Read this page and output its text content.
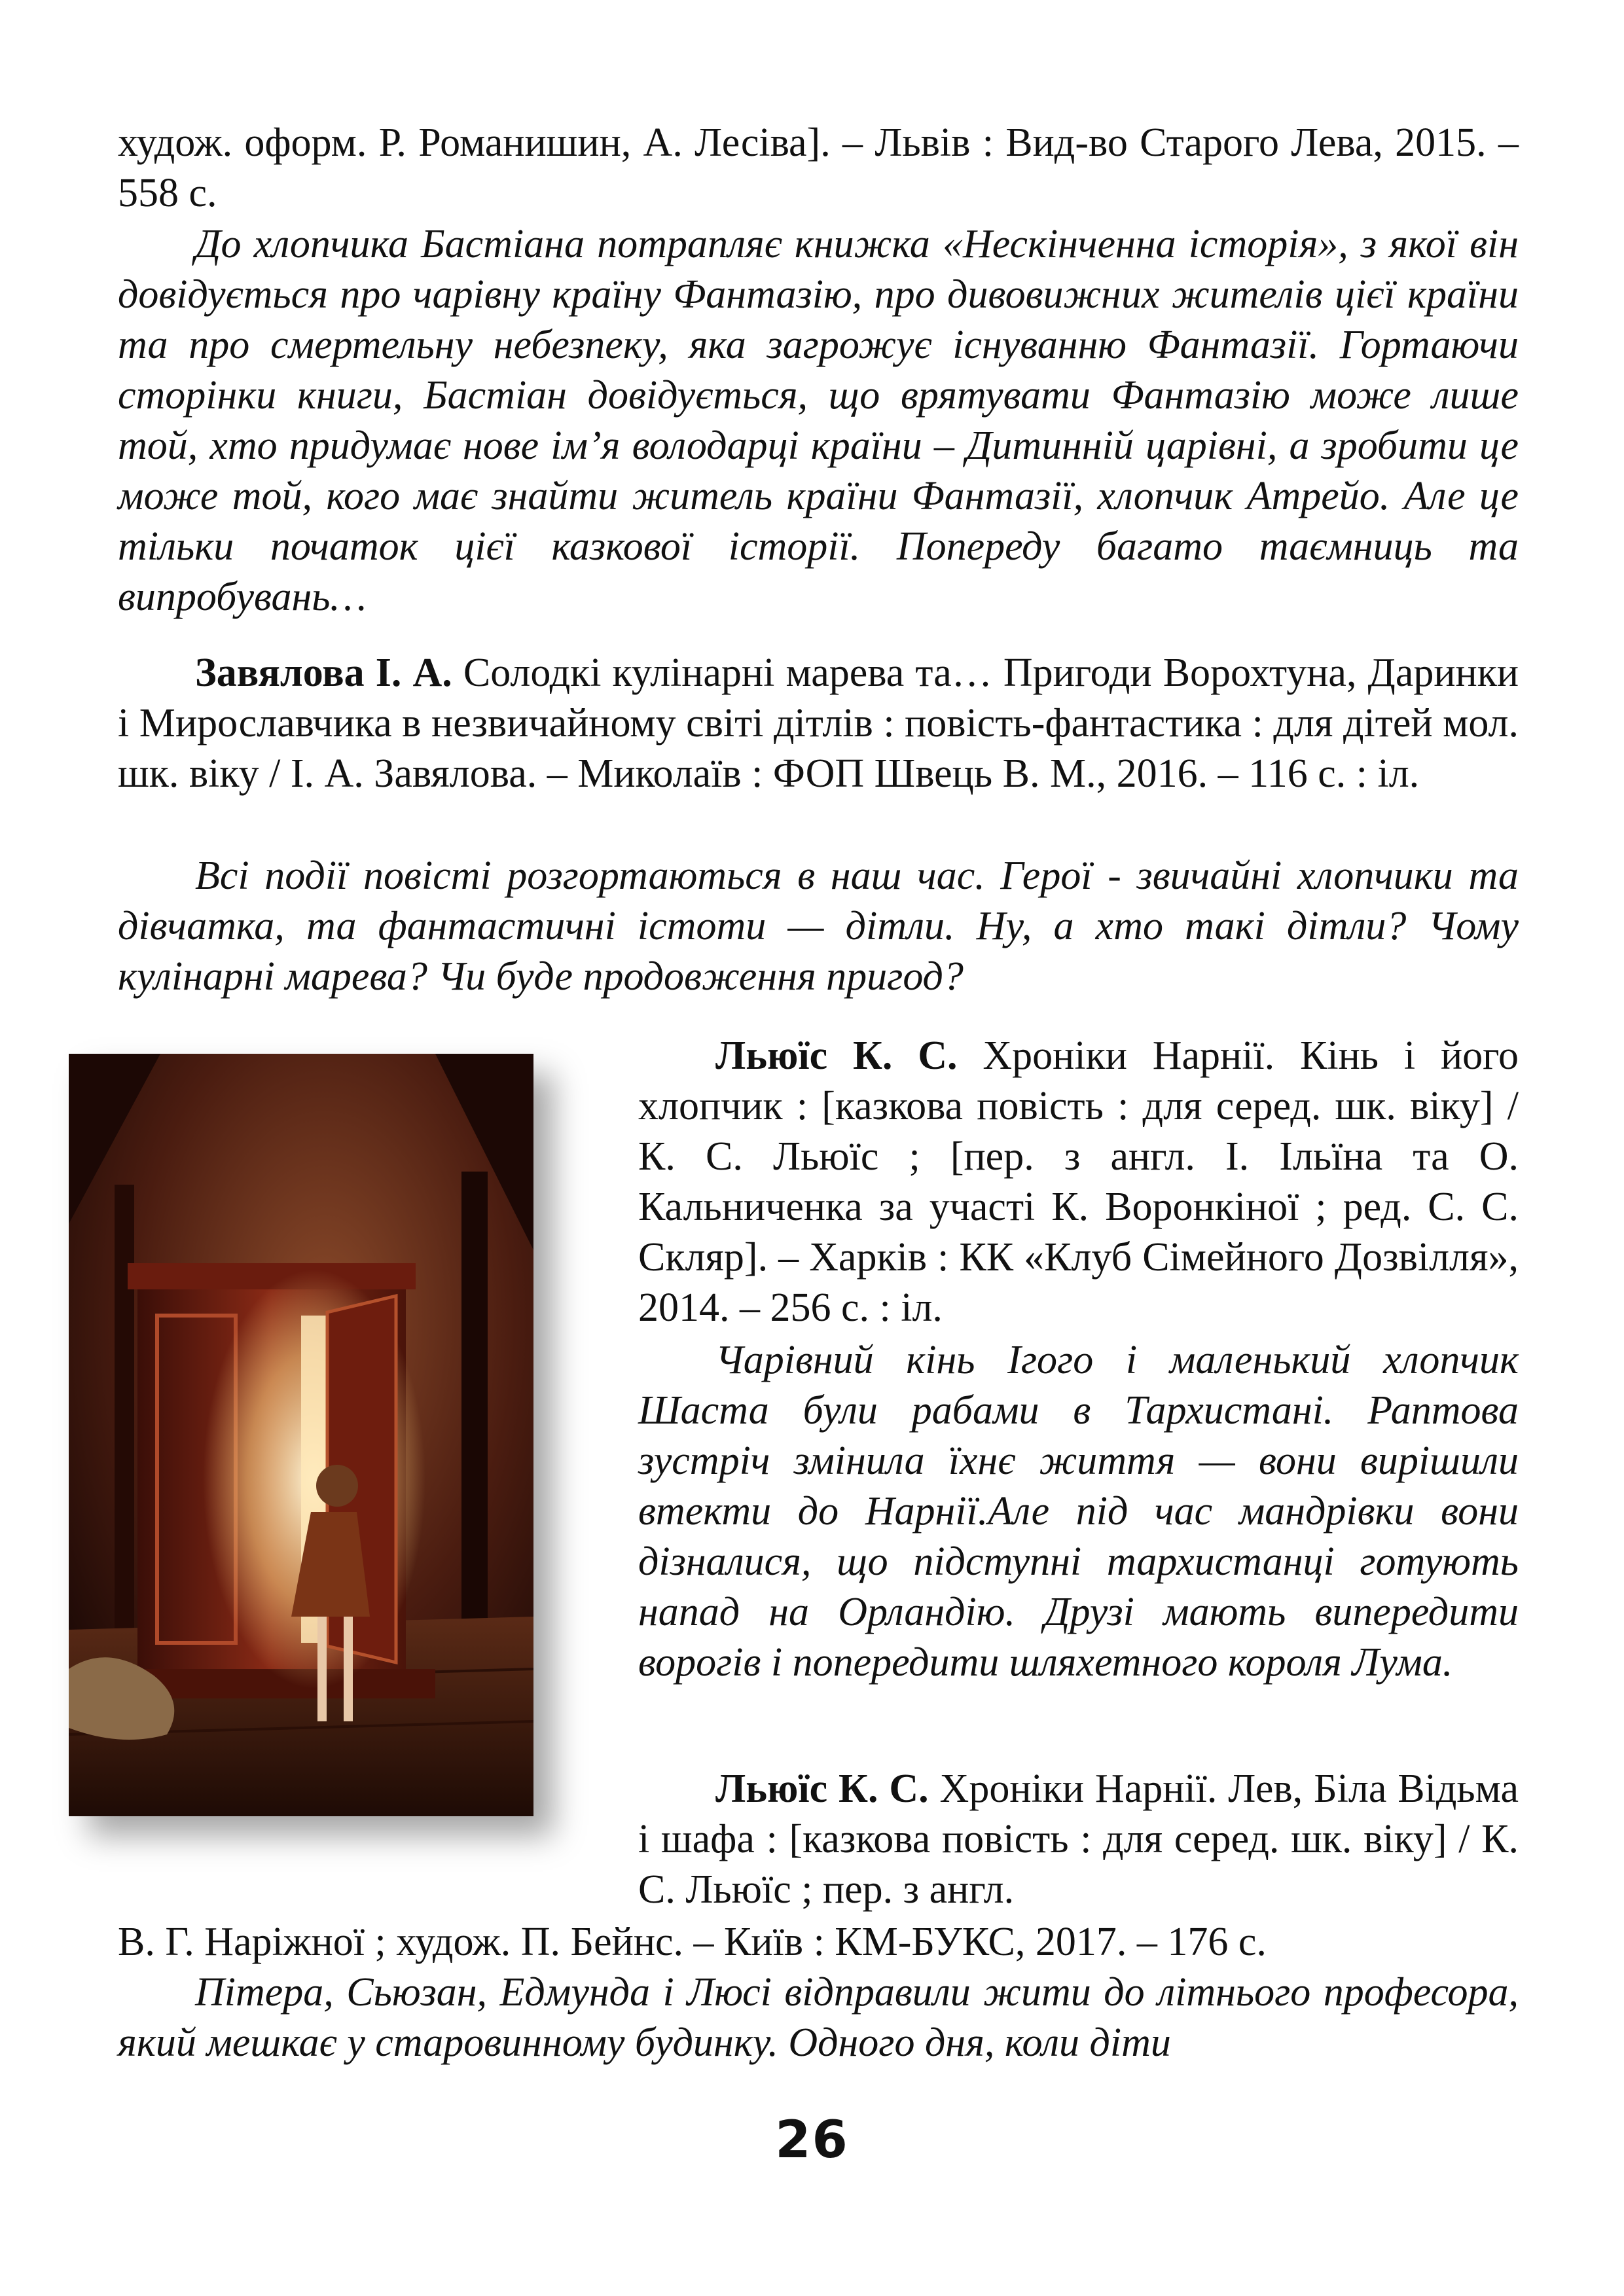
худож. оформ. Р. Романишин, А. Лесіва]. – Львів : Вид-во Старого Лева, 2015. – 558 с.

До хлопчика Бастіана потрапляє книжка «Нескінченна історія», з якої він довідується про чарівну країну Фантазію, про дивовижних жителів цієї країни та про смертельну небезпеку, яка загрожує існуванню Фантазії. Гортаючи сторінки книги, Бастіан довідується, що врятувати Фантазію може лише той, хто придумає нове ім’я володарці країни – Дитинній царівні, а зробити це може той, кого має знайти житель країни Фантазії, хлопчик Атрейо. Але це тільки початок цієї казкової історії. Попереду багато таємниць та випробувань…

Завялова І. А. Солодкі кулінарні марева та… Пригоди Ворохтуна, Даринки і Мирославчика в незвичайному світі дітлів : повість-фантастика : для дітей мол. шк. віку / І. А. Завялова. – Миколаїв : ФОП Швець В. М., 2016. – 116 с. : іл.

Всі події повісті розгортаються в наш час. Герої - звичайні хлопчики та дівчатка, та фантастичні істоти — дітли. Ну, а хто такі дітли? Чому кулінарні марева? Чи буде продовження пригод?

Льюїс К. С. Хроніки Нарнії. Кінь і його хлопчик : [казкова повість : для серед. шк. віку] / К. С. Льюїс ; [пер. з англ. І. Ільїна та О. Кальниченка за участі К. Воронкіної ; ред. С. С. Скляр]. – Харків : КК «Клуб Сімейного Дозвілля», 2014. – 256 с. : іл.

Чарівний кінь Ігого і маленький хлопчик Шаста були рабами в Тархистані. Раптова зустріч змінила їхнє життя — вони вирішили втекти до Нарнії.Але під час мандрівки вони дізналися, що підступні тархистанці готують напад на Орландію. Друзі мають випередити ворогів і попередити шляхетного короля Лума.

Льюїс К. С. Хроніки Нарнії. Лев, Біла Відьма і шафа : [казкова повість : для серед. шк. віку] / К. С. Льюїс ; пер. з англ.

В. Г. Наріжної ; худож. П. Бейнс. – Київ : КМ-БУКС, 2017. – 176 с.

Пітера, Сьюзан, Едмунда і Люсі відправили жити до літнього професора, який мешкає у старовинному будинку. Одного дня, коли діти

26
